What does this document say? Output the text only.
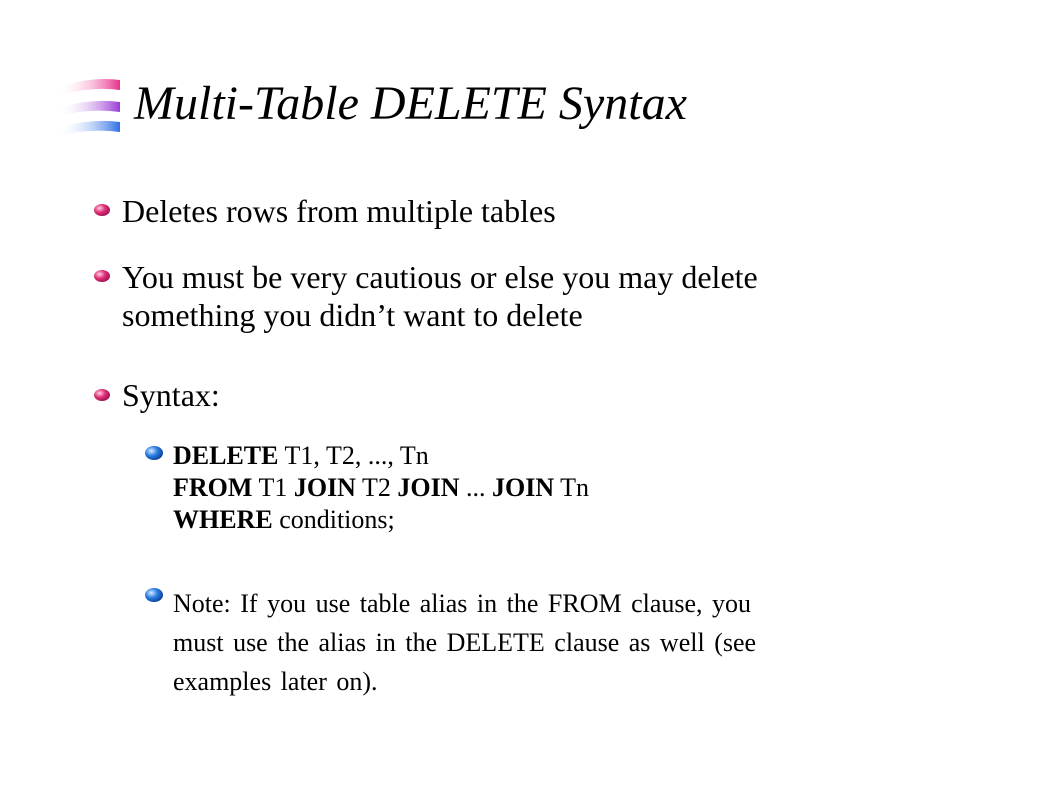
Multi-Table DELETE Syntax
Deletes rows from multiple tables
You must be very cautious or else you may delete
something you didn’t want to delete
Syntax:
DELETE T1, T2, ..., Tn
FROM T1 JOIN T2 JOIN ... JOIN Tn
WHERE conditions;
Note: If you use table alias in the FROM clause, you
must use the alias in the DELETE clause as well (see
examples later on).
